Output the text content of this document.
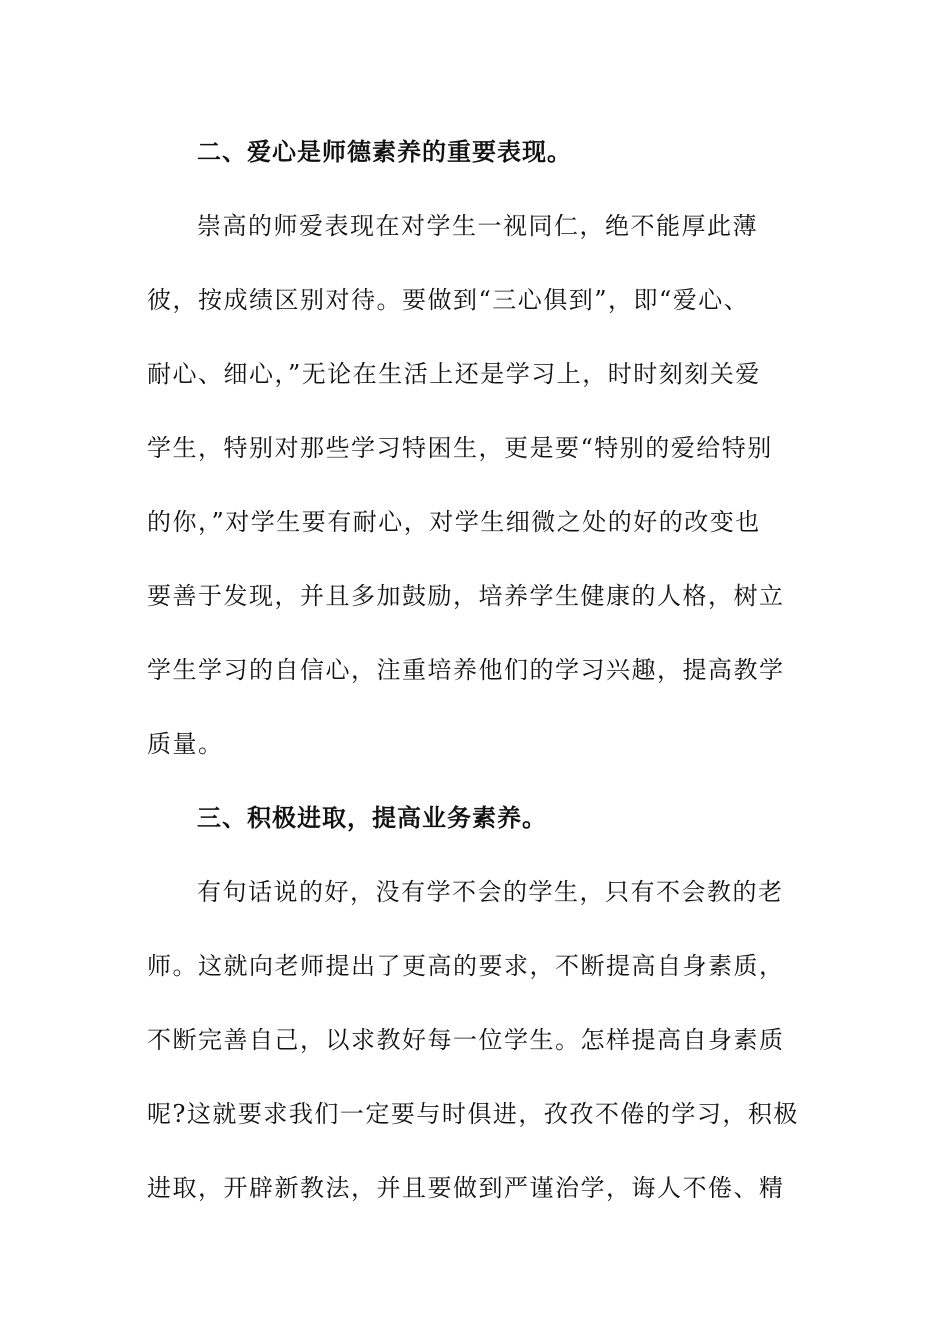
二、爱心是师德素养的重要表现。
崇高的师爱表现在对学生一视同仁，绝不能厚此薄
彼，按成绩区别对待。要做到“三心俱到”，即“爱心、
耐心、细心，”无论在生活上还是学习上，时时刻刻关爱
学生，特别对那些学习特困生，更是要“特别的爱给特别
的你，”对学生要有耐心，对学生细微之处的好的改变也
要善于发现，并且多加鼓励，培养学生健康的人格，树立
学生学习的自信心，注重培养他们的学习兴趣，提高教学
质量。
三、积极进取，提高业务素养。
有句话说的好，没有学不会的学生，只有不会教的老
师。这就向老师提出了更高的要求，不断提高自身素质，
不断完善自己，以求教好每一位学生。怎样提高自身素质
呢?这就要求我们一定要与时俱进，孜孜不倦的学习，积极
进取，开辟新教法，并且要做到严谨治学，诲人不倦、精
